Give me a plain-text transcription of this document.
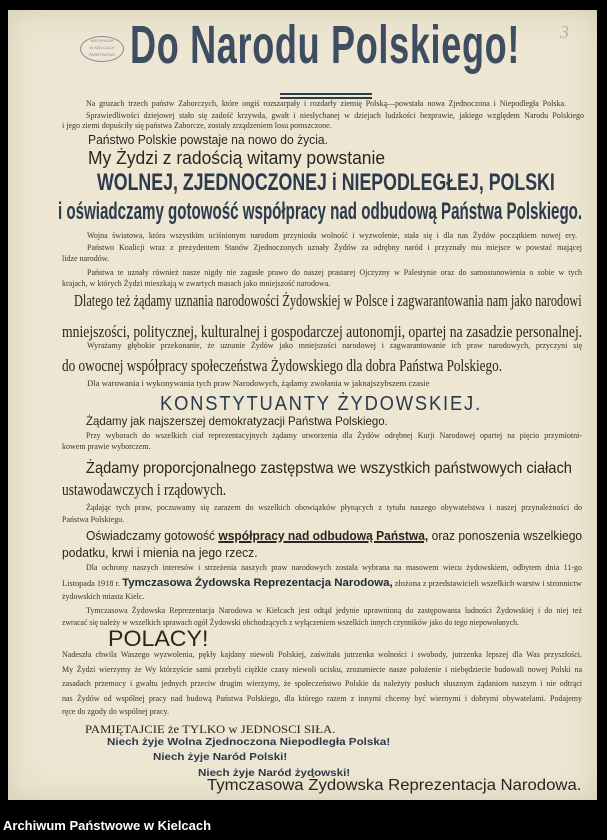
ARCHIWUM
W KIELCACH
PAŃSTWOWE
3
Do Narodu Polskiego!
Na gruzach trzech państw Zaborczych, które ongiś rozszarpały i rozdarły ziemię Polską—powstała nowa Zjednoczona i Niepodległa Polska.
Sprawiedliwości dziejowej stało się zadość krzywda, gwałt i niesłychanej w dziejach ludzkości bezprawie, jakiego względem Narodu Polskiego
i jego ziemi dopuściły się państwa Zaborcze, zostały zrządzeniem losu pomszczone.
Państwo Polskie powstaje na nowo do życia.
My Żydzi z radością witamy powstanie
WOLNEJ, ZJEDNOCZONEJ i NIEPODLEGŁEJ, POLSKI
i oświadczamy gotowość współpracy nad odbudową Państwa Polskiego.
Wojna światowa, która wszystkim uciśnionym narodom przyniosła wolność i wyzwolenie, stała się i dla nas Żydów początkiem nowej ery.
Państwo Koalicji wraz z prezydentem Stanów Zjednoczonych uznały Żydów za odrębny naród i przyznały mu miejsce w powstać mającej
lidze narodów.
Państwa te uznały również nasze nigdy nie zagasłe prawo do naszej prastarej Ojczyzny w Palestynie oraz do samostanowienia o sobie w tych
krajach, w których Żydzi mieszkają w zwartych masach jako mniejszość narodowa.
Dlatego też żądamy uznania narodowości Żydowskiej w Polsce i zagwarantowania nam jako narodowi
mniejszości, politycznej, kulturalnej i gospodarczej autonomji, opartej na zasadzie personalnej.
Wyrażamy głębokie przekonanie, że uznanie Żydów jako mniejszości narodowej i zagwarantowanie ich praw narodowych, przyczyni się
do owocnej współpracy społeczeństwa Żydowskiego dla dobra Państwa Polskiego.
Dla warowania i wykonywania tych praw Narodowych, żądamy zwołania w jaknajszybszem czasie
KONSTYTUANTY ŻYDOWSKIEJ.
Żądamy jak najszerszej demokratyzacji Państwa Polskiego.
Przy wyborach do wszelkich ciał reprezentacyjnych żądamy utworzenia dla Żydów odrębnej Kurji Narodowej opartej na pięcio przymiotni-
kowem prawie wyborczem.
Żądamy proporcjonalnego zastępstwa we wszystkich państwowych ciałach
ustawodawczych i rządowych.
Żądając tych praw, poczuwamy się zarazem do wszelkich obowiązków płynących z tytułu naszego obywatelstwa i naszej przynależności do
Państwa Polskiego.
Oświadczamy gotowość współpracy nad odbudową Państwa, oraz ponoszenia wszelkiego
podatku, krwi i mienia na jego rzecz.
Dla ochrony naszych interesów i strzeżenia naszych praw narodowych została wybrana na masowem wiecu żydowskiem, odbytem dnia 11-go
Listopada 1918 r. Tymczasowa Żydowska Reprezentacja Narodowa, złożona z przedstawicieli wszelkich warstw i stronnictw
żydowskich miasta Kielc.
Tymczasowa Żydowska Reprezentacja Narodowa w Kielcach jest odtąd jedynie uprawnioną do zastępowania ludności Żydowskiej i do niej też
zwracać się należy w wszelkich sprawach ogół Żydowski obchodzących z wyłączeniem wszelkich innych czynników jako do tego niepowołanych.
POLACY!
Nadeszła chwila Waszego wyzwolenia, pękły kajdany niewoli Polskiej, zaświtała jutrzenka wolności i swobody, jutrzenka lepszej dla Was przyszłości.
My Żydzi wierzymy że Wy którzyście sami przebyli ciężkie czasy niewoli ucisku, zrozumiecie nasze położenie i niebędziecie budowali nowej Polski na
zasadach przemocy i gwałtu jednych przeciw drugim wierzymy, że społeczeństwo Polskie da należyty posłuch słusznym żądaniom naszym i nie odtrąci
nas Żydów od wspólnej pracy nad budową Państwa Polskiego, dla którego razem z innymi chcemy być wiernymi i dobrymi obywatelami. Podajemy
ręce do zgody do wspólnej pracy.
PAMIĘTAJCIE że TYLKO w JEDNOSCI SIŁA.
Niech żyje Wolna Zjednoczona Niepodległa Polska!
Niech żyje Naród Polski!
Niech żyje Naród żydowski!
Tymczasowa Żydowska Reprezentacja Narodowa.
Archiwum Państwowe w Kielcach
